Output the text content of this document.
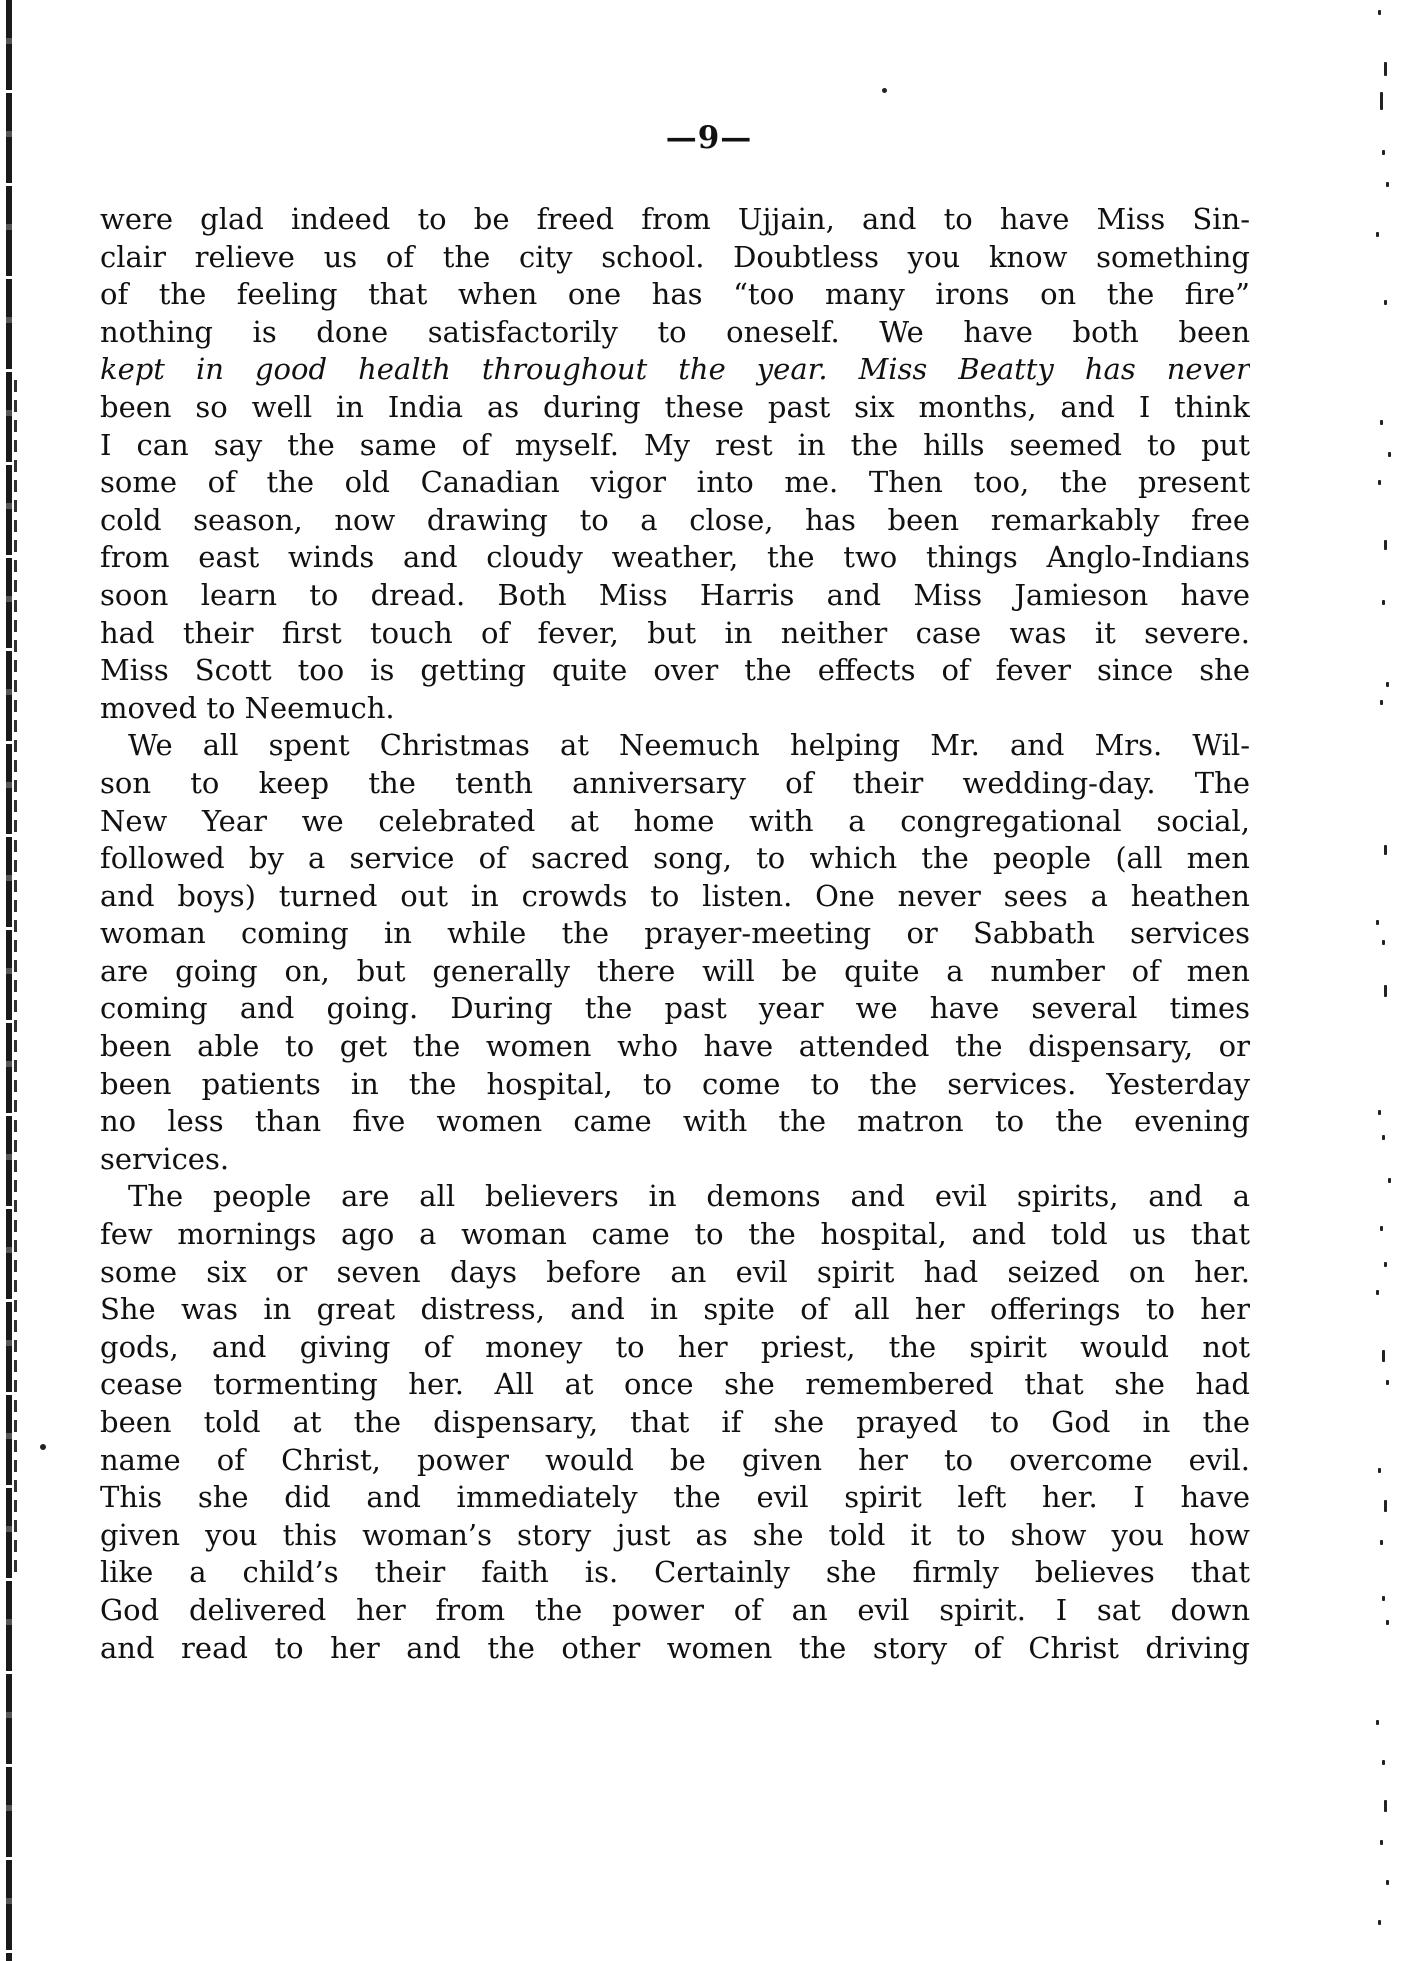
—9—
were glad indeed to be freed from Ujjain, and to have Miss Sin-
clair relieve us of the city school. Doubtless you know something
of the feeling that when one has “too many irons on the fire”
nothing is done satisfactorily to oneself. We have both been
kept in good health throughout the year. Miss Beatty has never
been so well in India as during these past six months, and I think
I can say the same of myself. My rest in the hills seemed to put
some of the old Canadian vigor into me. Then too, the present
cold season, now drawing to a close, has been remarkably free
from east winds and cloudy weather, the two things Anglo-Indians
soon learn to dread. Both Miss Harris and Miss Jamieson have
had their first touch of fever, but in neither case was it severe.
Miss Scott too is getting quite over the effects of fever since she
moved to Neemuch.
We all spent Christmas at Neemuch helping Mr. and Mrs. Wil-
son to keep the tenth anniversary of their wedding-day. The
New Year we celebrated at home with a congregational social,
followed by a service of sacred song, to which the people (all men
and boys) turned out in crowds to listen. One never sees a heathen
woman coming in while the prayer-meeting or Sabbath services
are going on, but generally there will be quite a number of men
coming and going. During the past year we have several times
been able to get the women who have attended the dispensary, or
been patients in the hospital, to come to the services. Yesterday
no less than five women came with the matron to the evening
services.
The people are all believers in demons and evil spirits, and a
few mornings ago a woman came to the hospital, and told us that
some six or seven days before an evil spirit had seized on her.
She was in great distress, and in spite of all her offerings to her
gods, and giving of money to her priest, the spirit would not
cease tormenting her. All at once she remembered that she had
been told at the dispensary, that if she prayed to God in the
name of Christ, power would be given her to overcome evil.
This she did and immediately the evil spirit left her. I have
given you this woman’s story just as she told it to show you how
like a child’s their faith is. Certainly she firmly believes that
God delivered her from the power of an evil spirit. I sat down
and read to her and the other women the story of Christ driving
